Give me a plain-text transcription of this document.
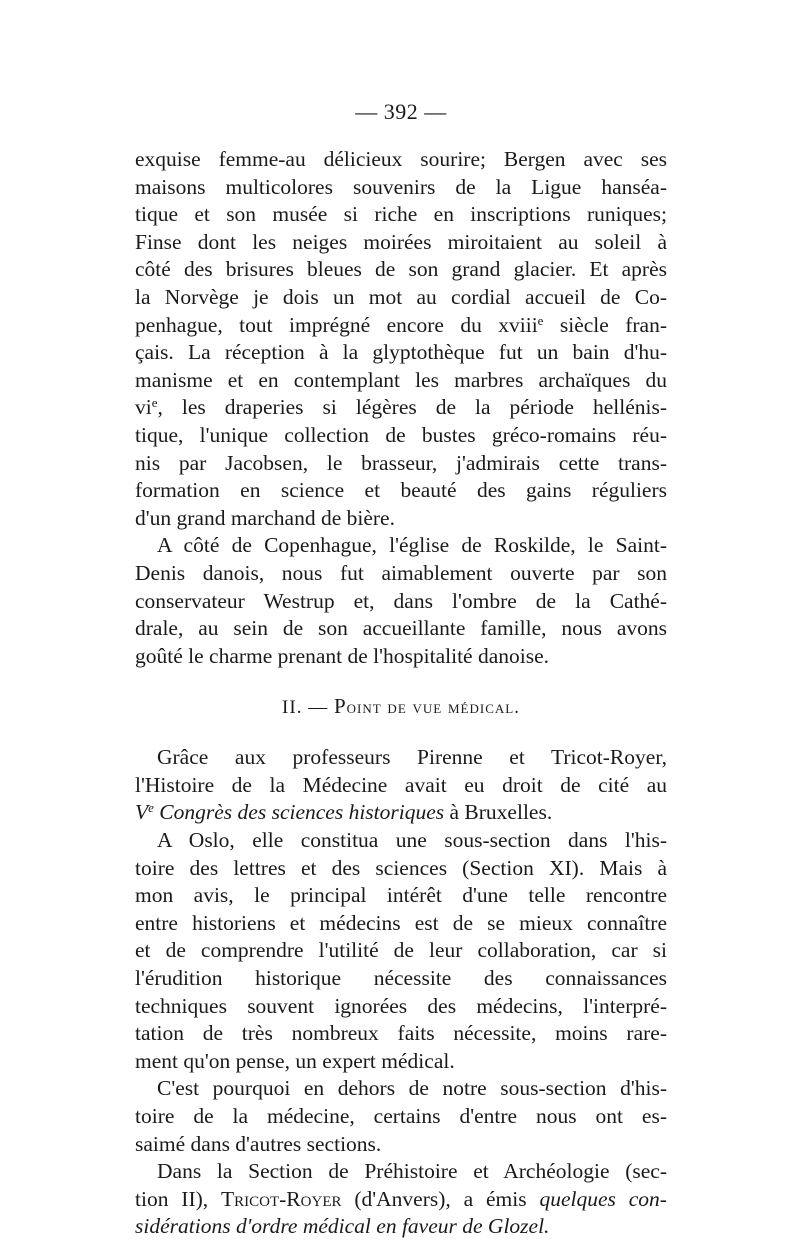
— 392 —
exquise femme-au délicieux sourire; Bergen avec ses
maisons multicolores souvenirs de la Ligue hanséa-
tique et son musée si riche en inscriptions runiques;
Finse dont les neiges moirées miroitaient au soleil à
côté des brisures bleues de son grand glacier. Et après
la Norvège je dois un mot au cordial accueil de Co-
penhague, tout imprégné encore du xviii$^e$ siècle fran-
çais. La réception à la glyptothèque fut un bain d'hu-
manisme et en contemplant les marbres archaïques du
$vi^e$, les draperies si légères de la période hellénis-
tique, l'unique collection de bustes gréco-romains réu-
nis par Jacobsen, le brasseur, j'admirais cette trans-
formation en science et beauté des gains réguliers
d'un grand marchand de bière.
A côté de Copenhague, l'église de Roskilde, le Saint-
Denis danois, nous fut aimablement ouverte par son
conservateur Westrup et, dans l'ombre de la Cathé-
drale, au sein de son accueillante famille, nous avons
goûté le charme prenant de l'hospitalité danoise.
II. — Point de vue médical.
Grâce aux professeurs Pirenne et Tricot-Royer,
l'Histoire de la Médecine avait eu droit de cité au
Ve Congrès des sciences historiques à Bruxelles.
A Oslo, elle constitua une sous-section dans l'his-
toire des lettres et des sciences (Section XI). Mais à
mon avis, le principal intérêt d'une telle rencontre
entre historiens et médecins est de se mieux connaître
et de comprendre l'utilité de leur collaboration, car si
l'érudition historique nécessite des connaissances
techniques souvent ignorées des médecins, l'interpré-
tation de très nombreux faits nécessite, moins rare-
ment qu'on pense, un expert médical.
C'est pourquoi en dehors de notre sous-section d'his-
toire de la médecine, certains d'entre nous ont es-
saimé dans d'autres sections.
Dans la Section de Préhistoire et Archéologie (sec-
tion II), Tricot-Royer (d'Anvers), a émis quelques con-
sidérations d'ordre médical en faveur de Glozel.
